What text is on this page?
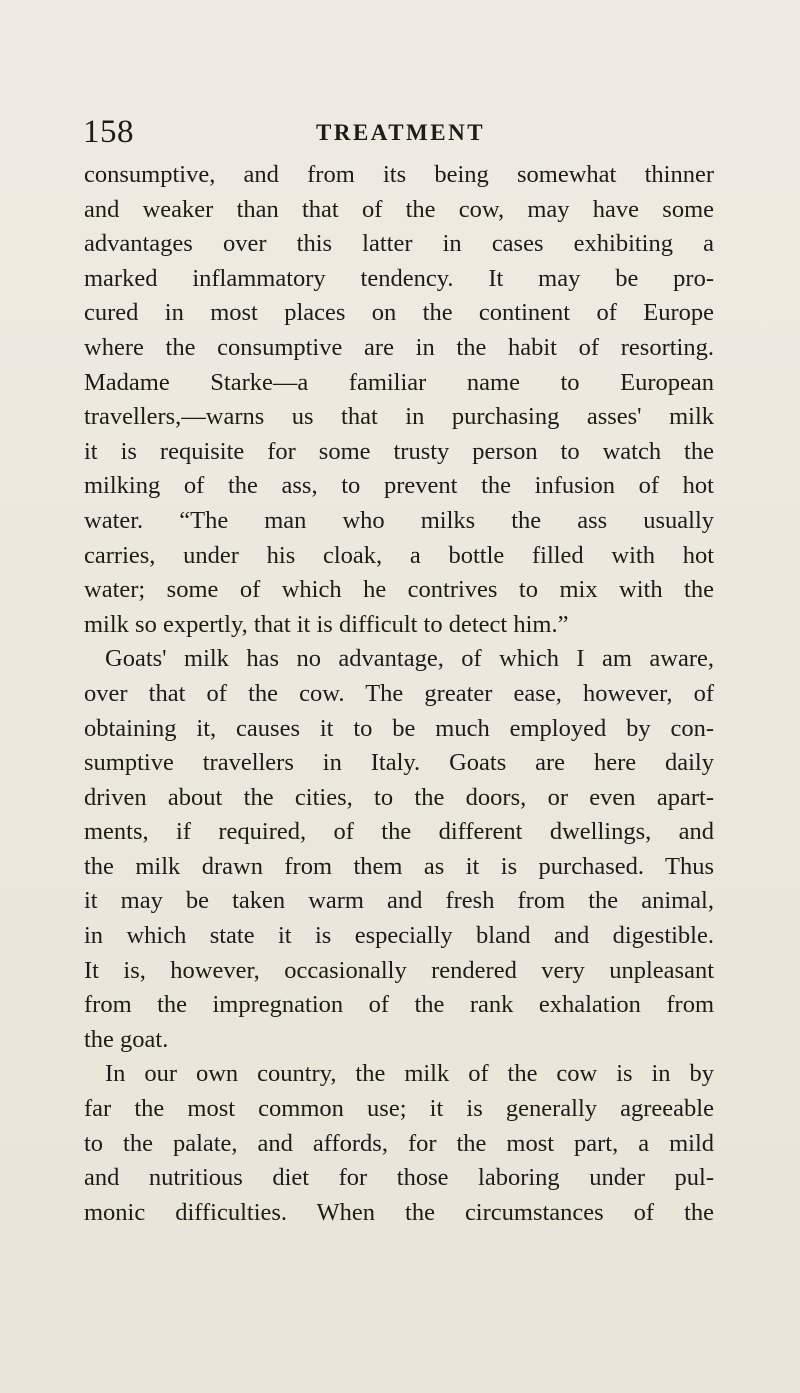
158	TREATMENT
consumptive, and from its being somewhat thinner
and weaker than that of the cow, may have some
advantages over this latter in cases exhibiting a
marked inflammatory tendency. It may be pro-
cured in most places on the continent of Europe
where the consumptive are in the habit of resorting.
Madame Starke—a familiar name to European
travellers,—warns us that in purchasing asses' milk
it is requisite for some trusty person to watch the
milking of the ass, to prevent the infusion of hot
water. “The man who milks the ass usually
carries, under his cloak, a bottle filled with hot
water; some of which he contrives to mix with the
milk so expertly, that it is difficult to detect him.”
Goats' milk has no advantage, of which I am aware,
over that of the cow. The greater ease, however, of
obtaining it, causes it to be much employed by con-
sumptive travellers in Italy. Goats are here daily
driven about the cities, to the doors, or even apart-
ments, if required, of the different dwellings, and
the milk drawn from them as it is purchased. Thus
it may be taken warm and fresh from the animal,
in which state it is especially bland and digestible.
It is, however, occasionally rendered very unpleasant
from the impregnation of the rank exhalation from
the goat.
In our own country, the milk of the cow is in by
far the most common use; it is generally agreeable
to the palate, and affords, for the most part, a mild
and nutritious diet for those laboring under pul-
monic difficulties. When the circumstances of the
